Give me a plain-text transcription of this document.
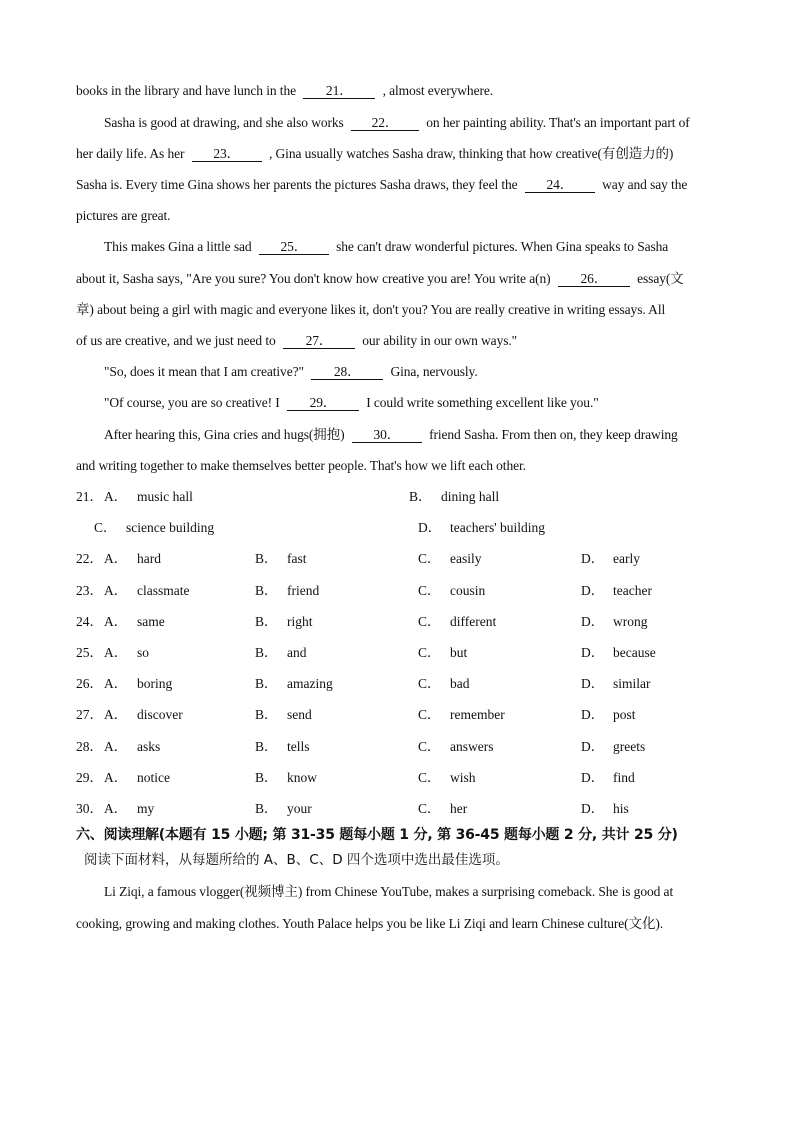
books in the library and have lunch in the 21． , almost everywhere.
Sasha is good at drawing, and she also works 22． on her painting ability. That's an important part of
her daily life. As her 23． , Gina usually watches Sasha draw, thinking that how creative(有创造力的)
Sasha is. Every time Gina shows her parents the pictures Sasha draws, they feel the 24． way and say the
pictures are great.
This makes Gina a little sad 25． she can't draw wonderful pictures. When Gina speaks to Sasha
about it, Sasha says, "Are you sure? You don't know how creative you are! You write a(n) 26． essay(文
章) about being a girl with magic and everyone likes it, don't you? You are really creative in writing essays. All
of us are creative, and we just need to 27． our ability in our own ways."
"So, does it mean that I am creative?" 28． Gina, nervously.
"Of course, you are so creative! I 29． I could write something excellent like you."
After hearing this, Gina cries and hugs(拥抱) 30． friend Sasha. From then on, they keep drawing
and writing together to make themselves better people. That's how we lift each other.
21． A． music hall	B． dining hall
C． science building	D． teachers' building
22． A． hard	B． fast	C． easily	D． early
23． A． classmate	B． friend	C． cousin	D． teacher
24． A． same	B． right	C． different	D． wrong
25． A． so	B． and	C． but	D． because
26． A． boring	B． amazing	C． bad	D． similar
27． A． discover	B． send	C． remember	D． post
28． A． asks	B． tells	C． answers	D． greets
29． A． notice	B． know	C． wish	D． find
30． A． my	B． your	C． her	D． his
六、阅读理解(本题有 15 小题; 第 31-35 题每小题 1 分, 第 36-45 题每小题 2 分, 共计 25 分)
阅读下面材料，从每题所给的 A、B、C、D 四个选项中选出最佳选项。
Li Ziqi, a famous vlogger(视频博主) from Chinese YouTube, makes a surprising comeback. She is good at
cooking, growing and making clothes. Youth Palace helps you be like Li Ziqi and learn Chinese culture(文化).
